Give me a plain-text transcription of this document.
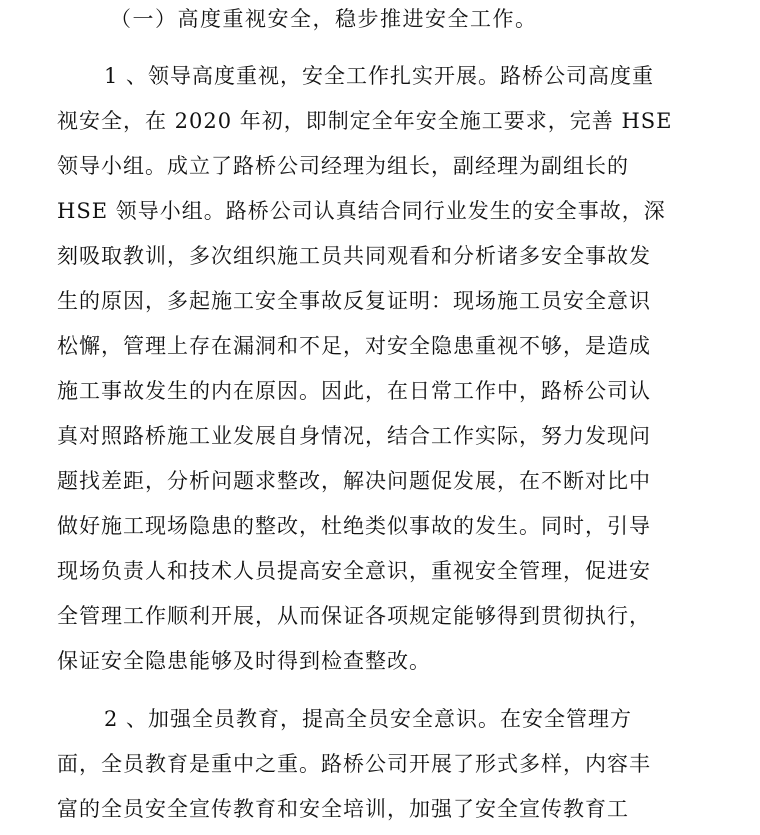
（一）高度重视安全，稳步推进安全工作。
1 、领导高度重视，安全工作扎实开展。路桥公司高度重
视安全，在 2020 年初，即制定全年安全施工要求，完善 HSE
领导小组。成立了路桥公司经理为组长，副经理为副组长的
HSE 领导小组。路桥公司认真结合同行业发生的安全事故，深
刻吸取教训，多次组织施工员共同观看和分析诸多安全事故发
生的原因，多起施工安全事故反复证明：现场施工员安全意识
松懈，管理上存在漏洞和不足，对安全隐患重视不够，是造成
施工事故发生的内在原因。因此，在日常工作中，路桥公司认
真对照路桥施工业发展自身情况，结合工作实际，努力发现问
题找差距，分析问题求整改，解决问题促发展，在不断对比中
做好施工现场隐患的整改，杜绝类似事故的发生。同时，引导
现场负责人和技术人员提高安全意识，重视安全管理，促进安
全管理工作顺利开展，从而保证各项规定能够得到贯彻执行，
保证安全隐患能够及时得到检查整改。
2 、加强全员教育，提高全员安全意识。在安全管理方
面，全员教育是重中之重。路桥公司开展了形式多样，内容丰
富的全员安全宣传教育和安全培训，加强了安全宣传教育工
